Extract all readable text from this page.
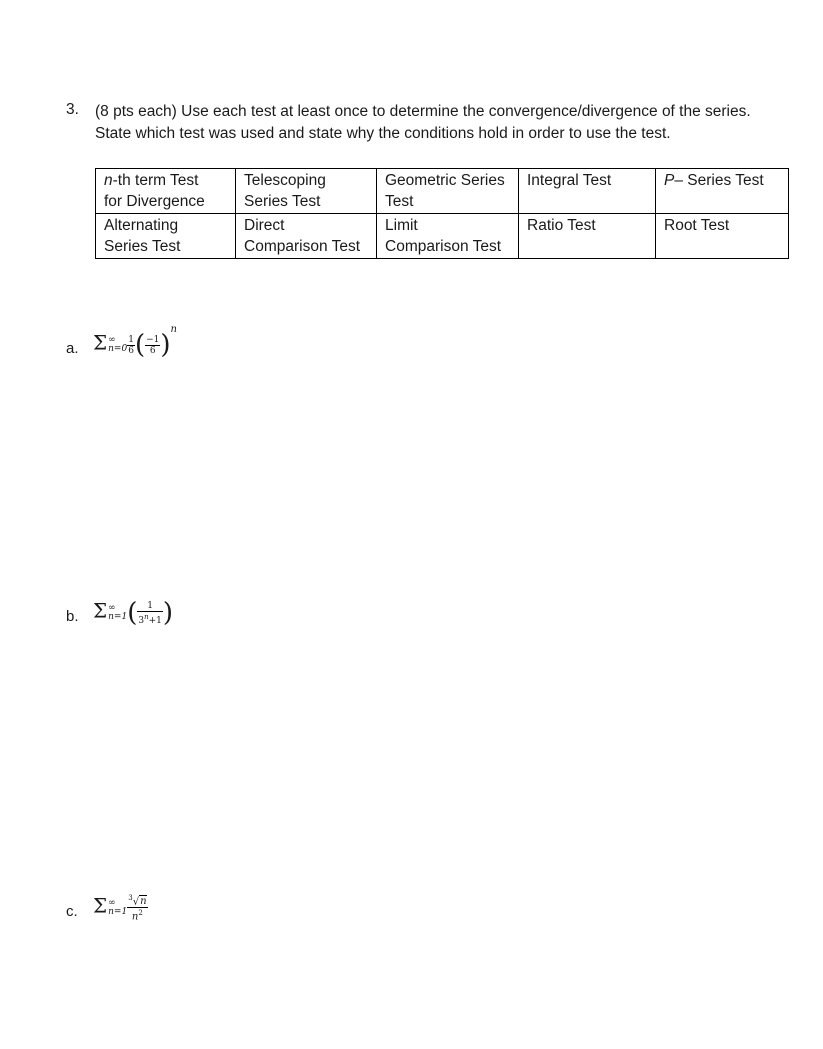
3. (8 pts each) Use each test at least once to determine the convergence/divergence of the series.
State which test was used and state why the conditions hold in order to use the test.
n-th term Test
for Divergence	Telescoping
Series Test	Geometric Series
Test	Integral Test	P– Series Test

Alternating
Series Test	Direct
Comparison Test	Limit
Comparison Test	Ratio Test	Root Test
a. Σ ∞
$n=0 \frac{1}{6}$ ( $\frac{-1}{6} )^n$
b. Σ ∞
n=1 ( $\frac{1}{3^n+1}$ )
c. Σ ∞
$n=1 \frac{^3√n}{n^2}$
